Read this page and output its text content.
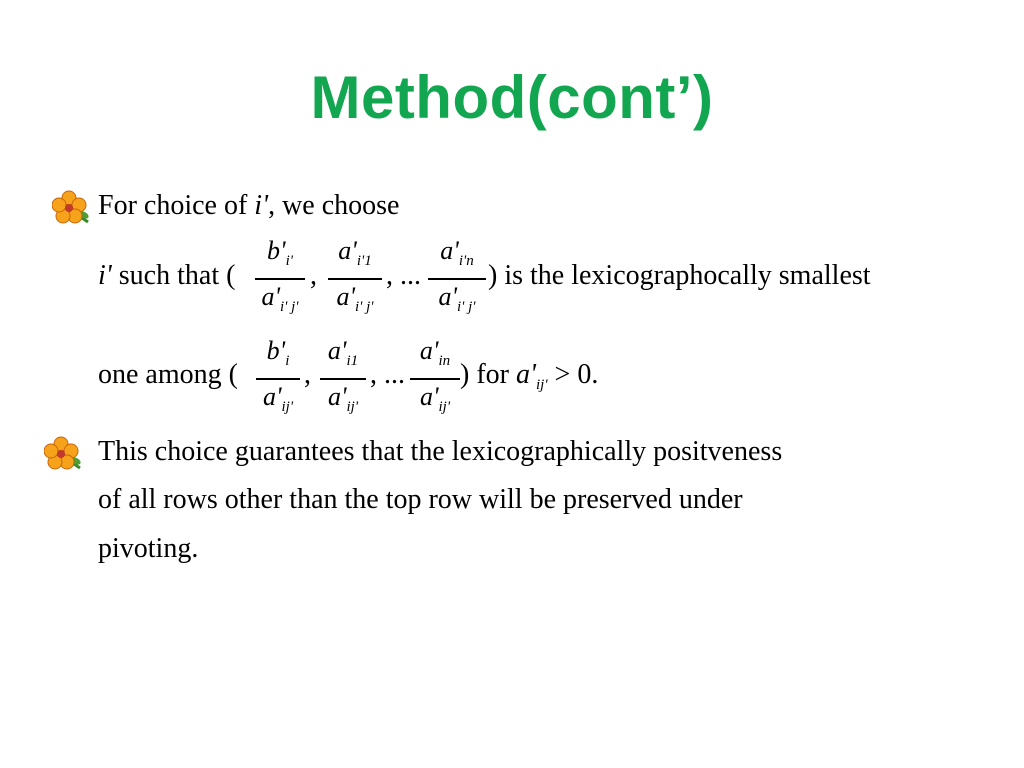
Method(cont’)
For choice of i', we choose
i' such that (
$b'_{i'}$
$a'_{i' j'}$
,
$a'_{i'1}$
$a'_{i' j'}$
, ...
$a'_{i'n}$
$a'_{i' j'}$
) is the lexicographocally smallest
one among (
$b'_i$
$a'_{ij'}$
,
$a'_{i1}$
$a'_{ij'}$
, ...
$a'_{in}$
$a'_{ij'}$
) for $a'_{ij'} > 0$.
This choice guarantees that the lexicographically positveness
of all rows other than the top row will be preserved under
pivoting.
